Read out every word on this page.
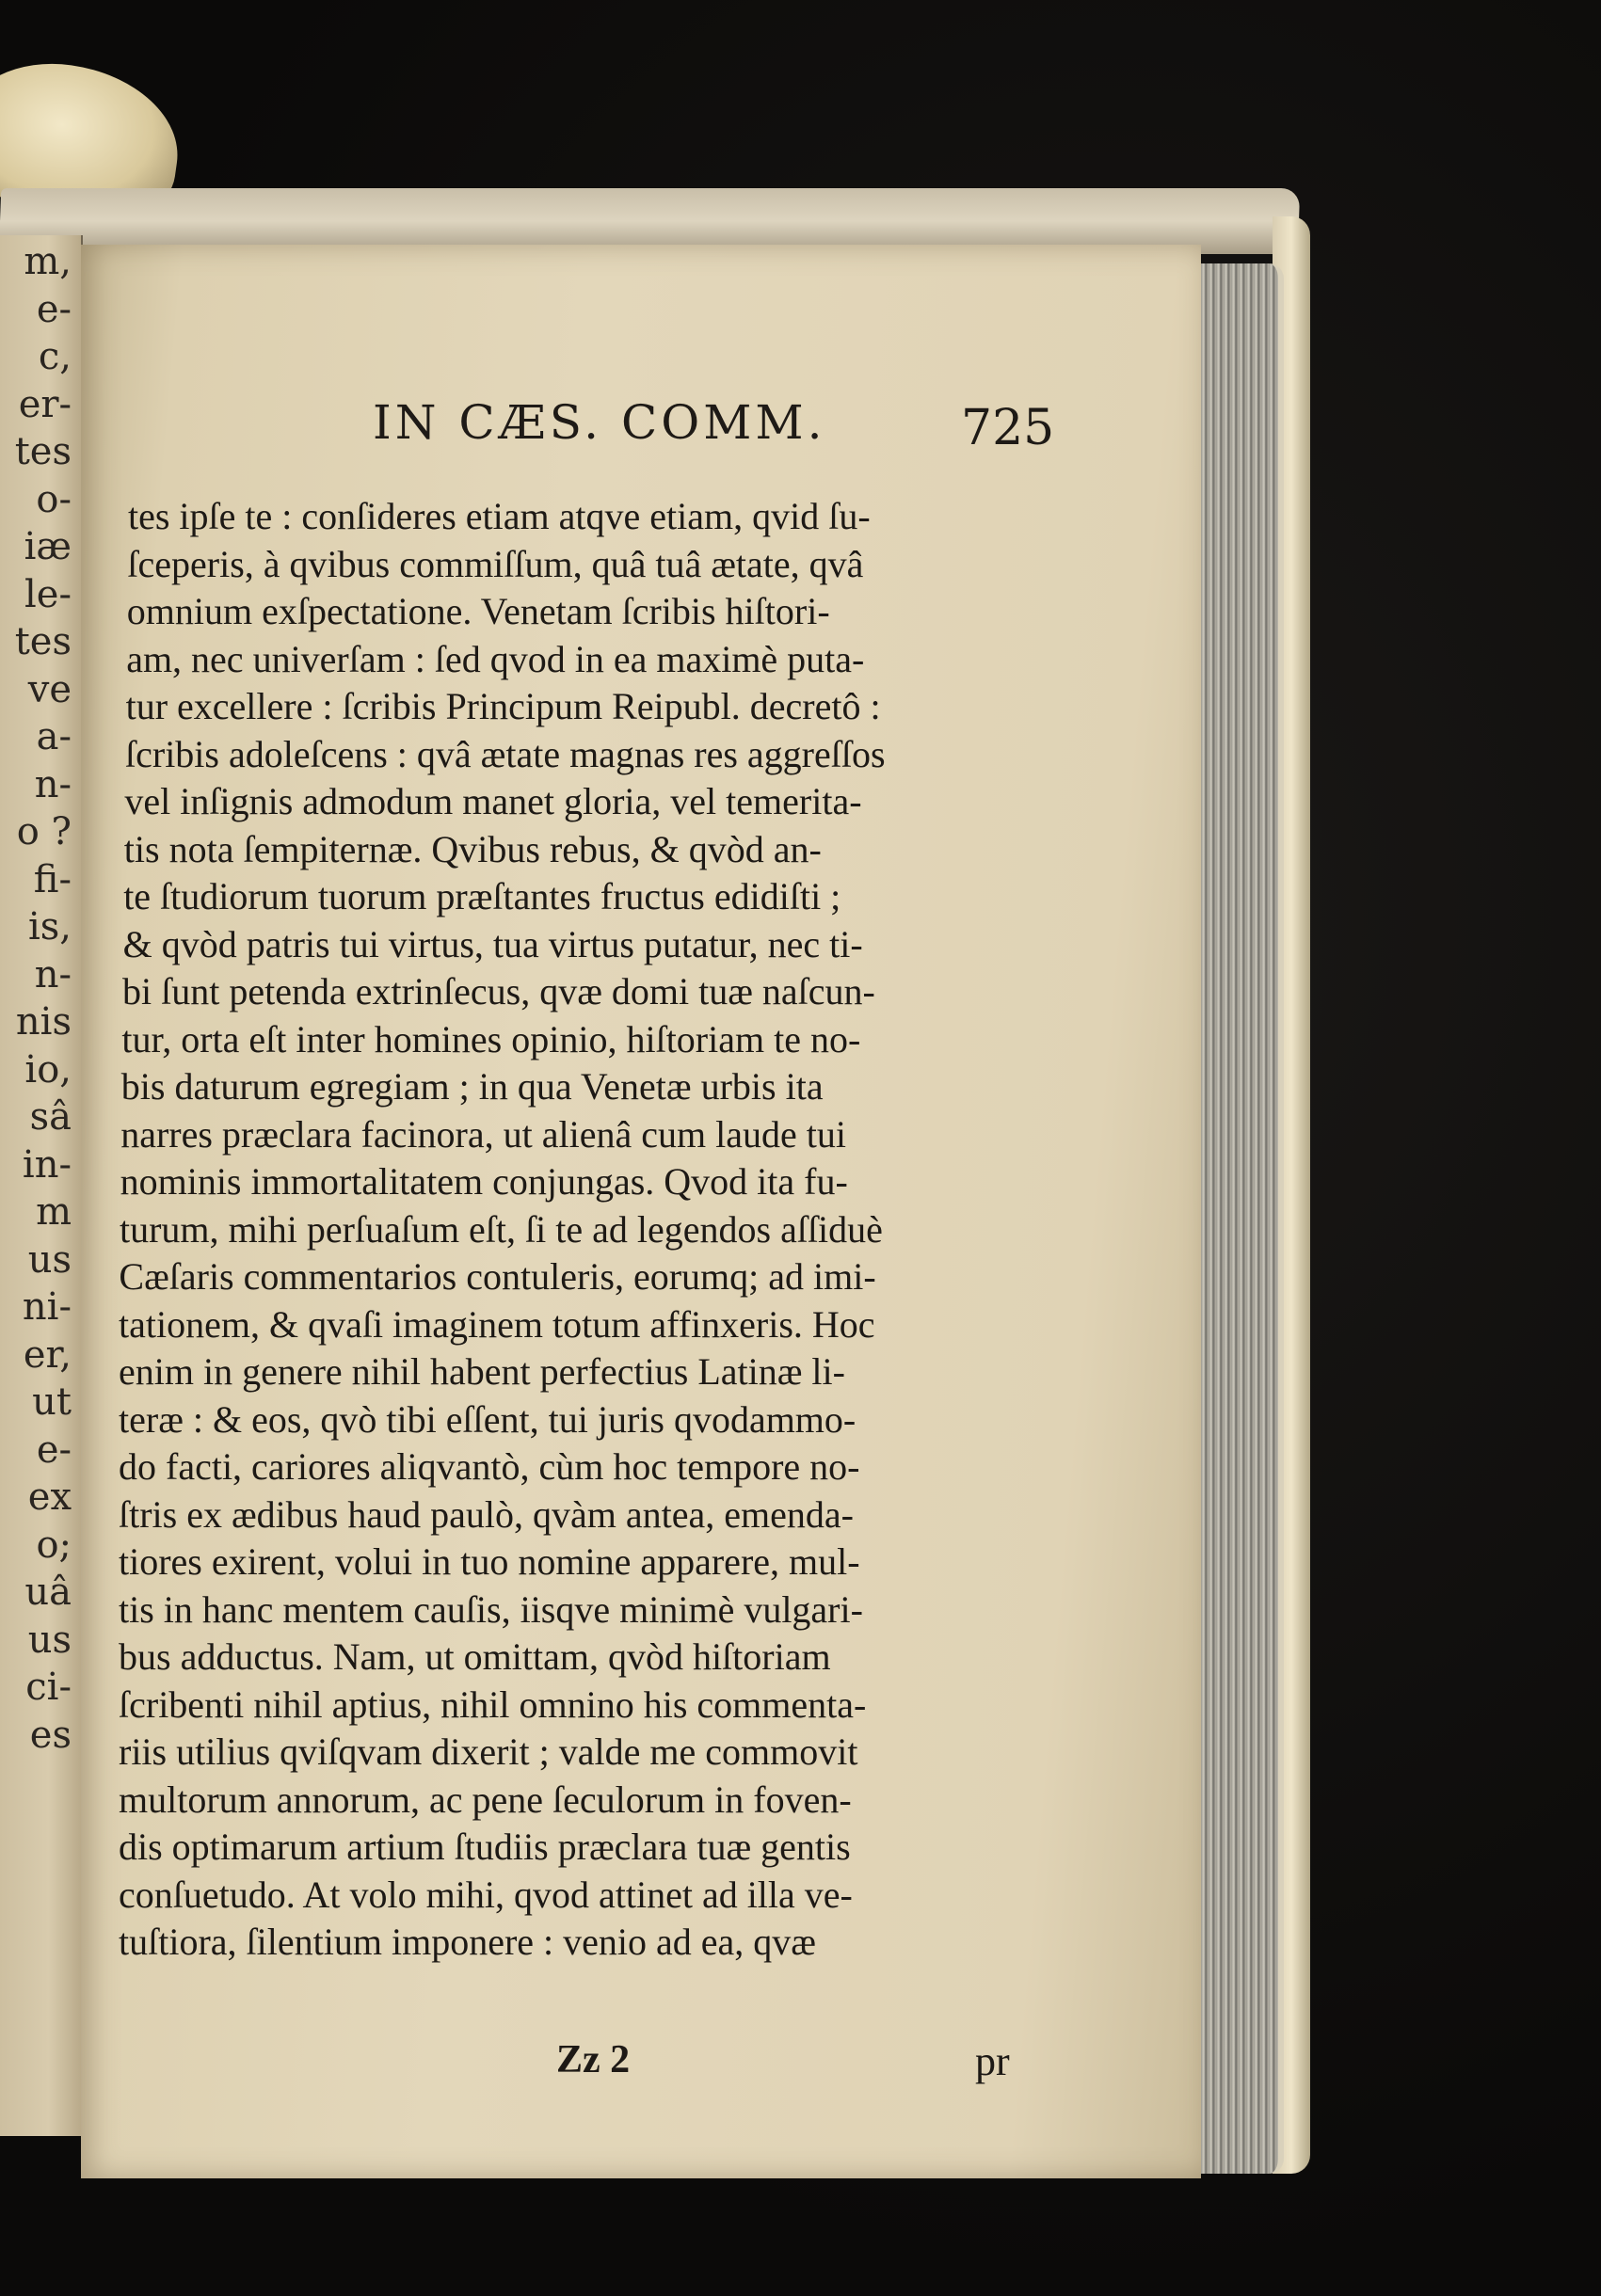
m,
e-
c,
er-
tes
o-
iæ
le-
tes
ve
a-
n-
o ?
fi-
is,
n-
nis
io,
sâ
in-
m
us
ni-
er,
ut
e-
ex
o;
uâ
us
ci-
es
IN CÆS. COMM.	725
Zz 2	pr
tes ipſe te : conſideres etiam atqve etiam, qvid ſu-
ſceperis, à qvibus commiſſum, quâ tuâ ætate, qvâ
omnium exſpectatione. Venetam ſcribis hiſtori-
am, nec univerſam : ſed qvod in ea maximè puta-
tur excellere : ſcribis Principum Reipubl. decretô :
ſcribis adoleſcens : qvâ ætate magnas res aggreſſos
vel inſignis admodum manet gloria, vel temerita-
tis nota ſempiternæ. Qvibus rebus, & qvòd an-
te ſtudiorum tuorum præſtantes fructus edidiſti ;
& qvòd patris tui virtus, tua virtus putatur, nec ti-
bi ſunt petenda extrinſecus, qvæ domi tuæ naſcun-
tur, orta eſt inter homines opinio, hiſtoriam te no-
bis daturum egregiam ; in qua Venetæ urbis ita
narres præclara facinora, ut alienâ cum laude tui
nominis immortalitatem conjungas. Qvod ita fu-
turum, mihi perſuaſum eſt, ſi te ad legendos aſſiduè
Cæſaris commentarios contuleris, eorumq; ad imi-
tationem, & qvaſi imaginem totum affinxeris. Hoc
enim in genere nihil habent perfectius Latinæ li-
teræ : & eos, qvò tibi eſſent, tui juris qvodammo-
do facti, cariores aliqvantò, cùm hoc tempore no-
ſtris ex ædibus haud paulò, qvàm antea, emenda-
tiores exirent, volui in tuo nomine apparere, mul-
tis in hanc mentem cauſis, iisqve minimè vulgari-
bus adductus. Nam, ut omittam, qvòd hiſtoriam
ſcribenti nihil aptius, nihil omnino his commenta-
riis utilius qviſqvam dixerit ; valde me commovit
multorum annorum, ac pene ſeculorum in foven-
dis optimarum artium ſtudiis præclara tuæ gentis
conſuetudo. At volo mihi, qvod attinet ad illa ve-
tuſtiora, ſilentium imponere : venio ad ea, qvæ
